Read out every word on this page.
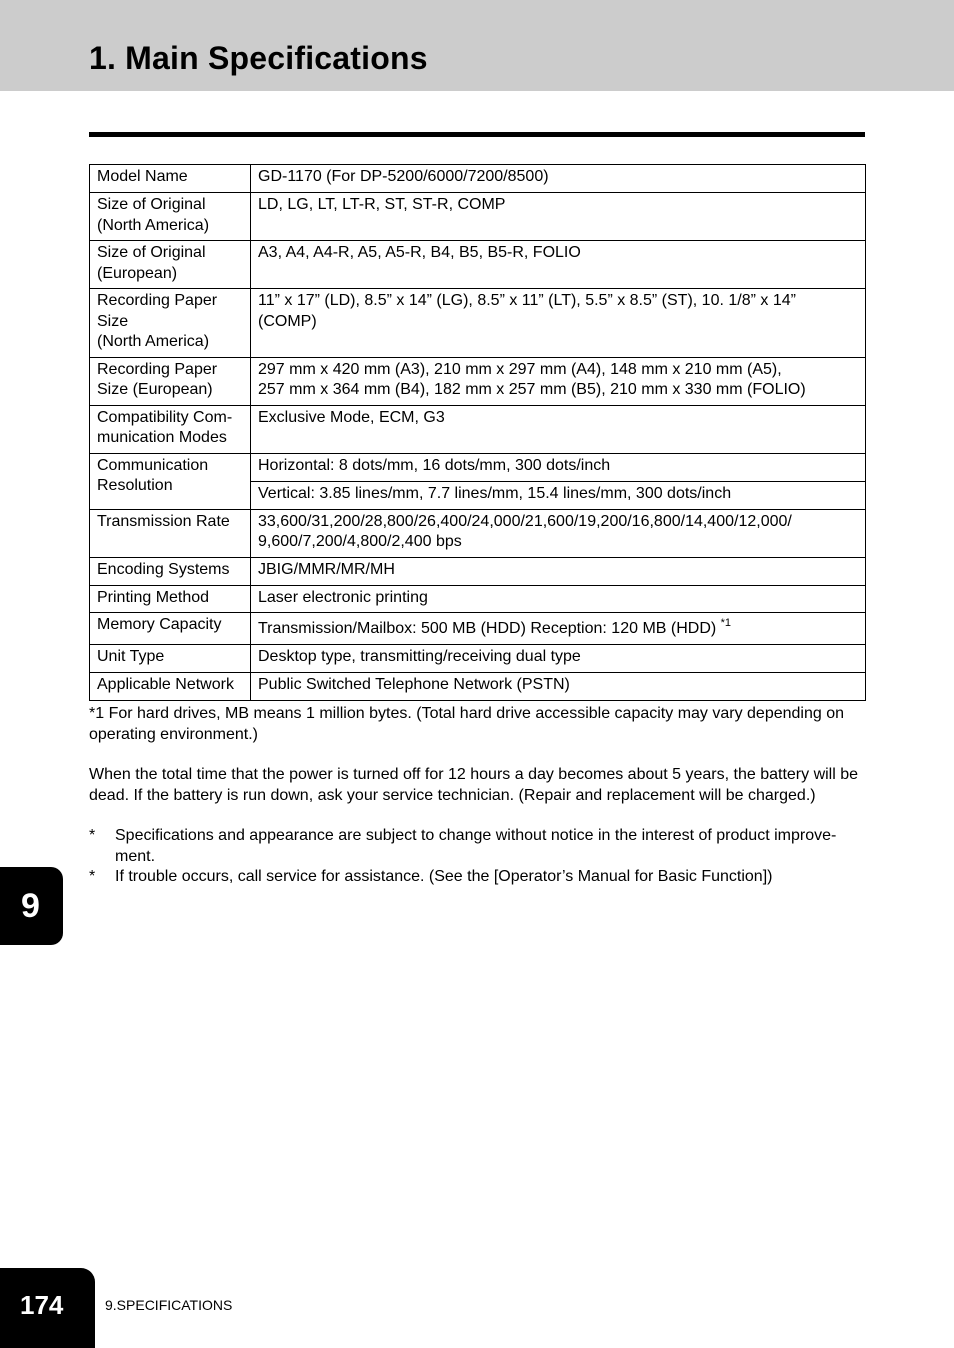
1. Main Specifications
Model Name	GD-1170 (For DP-5200/6000/7200/8500)
Size of Original
(North America)	LD, LG, LT, LT-R, ST, ST-R, COMP
Size of Original
(European)	A3, A4, A4-R, A5, A5-R, B4, B5, B5-R, FOLIO
Recording Paper Size
(North America)	11” x 17” (LD), 8.5” x 14” (LG), 8.5” x 11” (LT), 5.5” x 8.5” (ST), 10. 1/8” x 14” (COMP)
Recording Paper Size (European)	297 mm x 420 mm (A3), 210 mm x 297 mm (A4), 148 mm x 210 mm (A5),
257 mm x 364 mm (B4), 182 mm x 257 mm (B5), 210 mm x 330 mm (FOLIO)
Compatibility Com-munication Modes	Exclusive Mode, ECM, G3
Communication Resolution	Horizontal: 8 dots/mm, 16 dots/mm, 300 dots/inch
	Vertical: 3.85 lines/mm, 7.7 lines/mm, 15.4 lines/mm, 300 dots/inch
Transmission Rate	33,600/31,200/28,800/26,400/24,000/21,600/19,200/16,800/14,400/12,000/
9,600/7,200/4,800/2,400 bps
Encoding Systems	JBIG/MMR/MR/MH
Printing Method	Laser electronic printing
Memory Capacity	Transmission/Mailbox: 500 MB (HDD) Reception: 120 MB (HDD) $^{*1}$
Unit Type	Desktop type, transmitting/receiving dual type
Applicable Network	Public Switched Telephone Network (PSTN)

*1 For hard drives, MB means 1 million bytes. (Total hard drive accessible capacity may vary depending on operating environment.)

When the total time that the power is turned off for 12 hours a day becomes about 5 years, the battery will be dead. If the battery is run down, ask your service technician. (Repair and replacement will be charged.)

* Specifications and appearance are subject to change without notice in the interest of product improve-ment.
* If trouble occurs, call service for assistance. (See the [Operator’s Manual for Basic Function])
9
174	9.SPECIFICATIONS
